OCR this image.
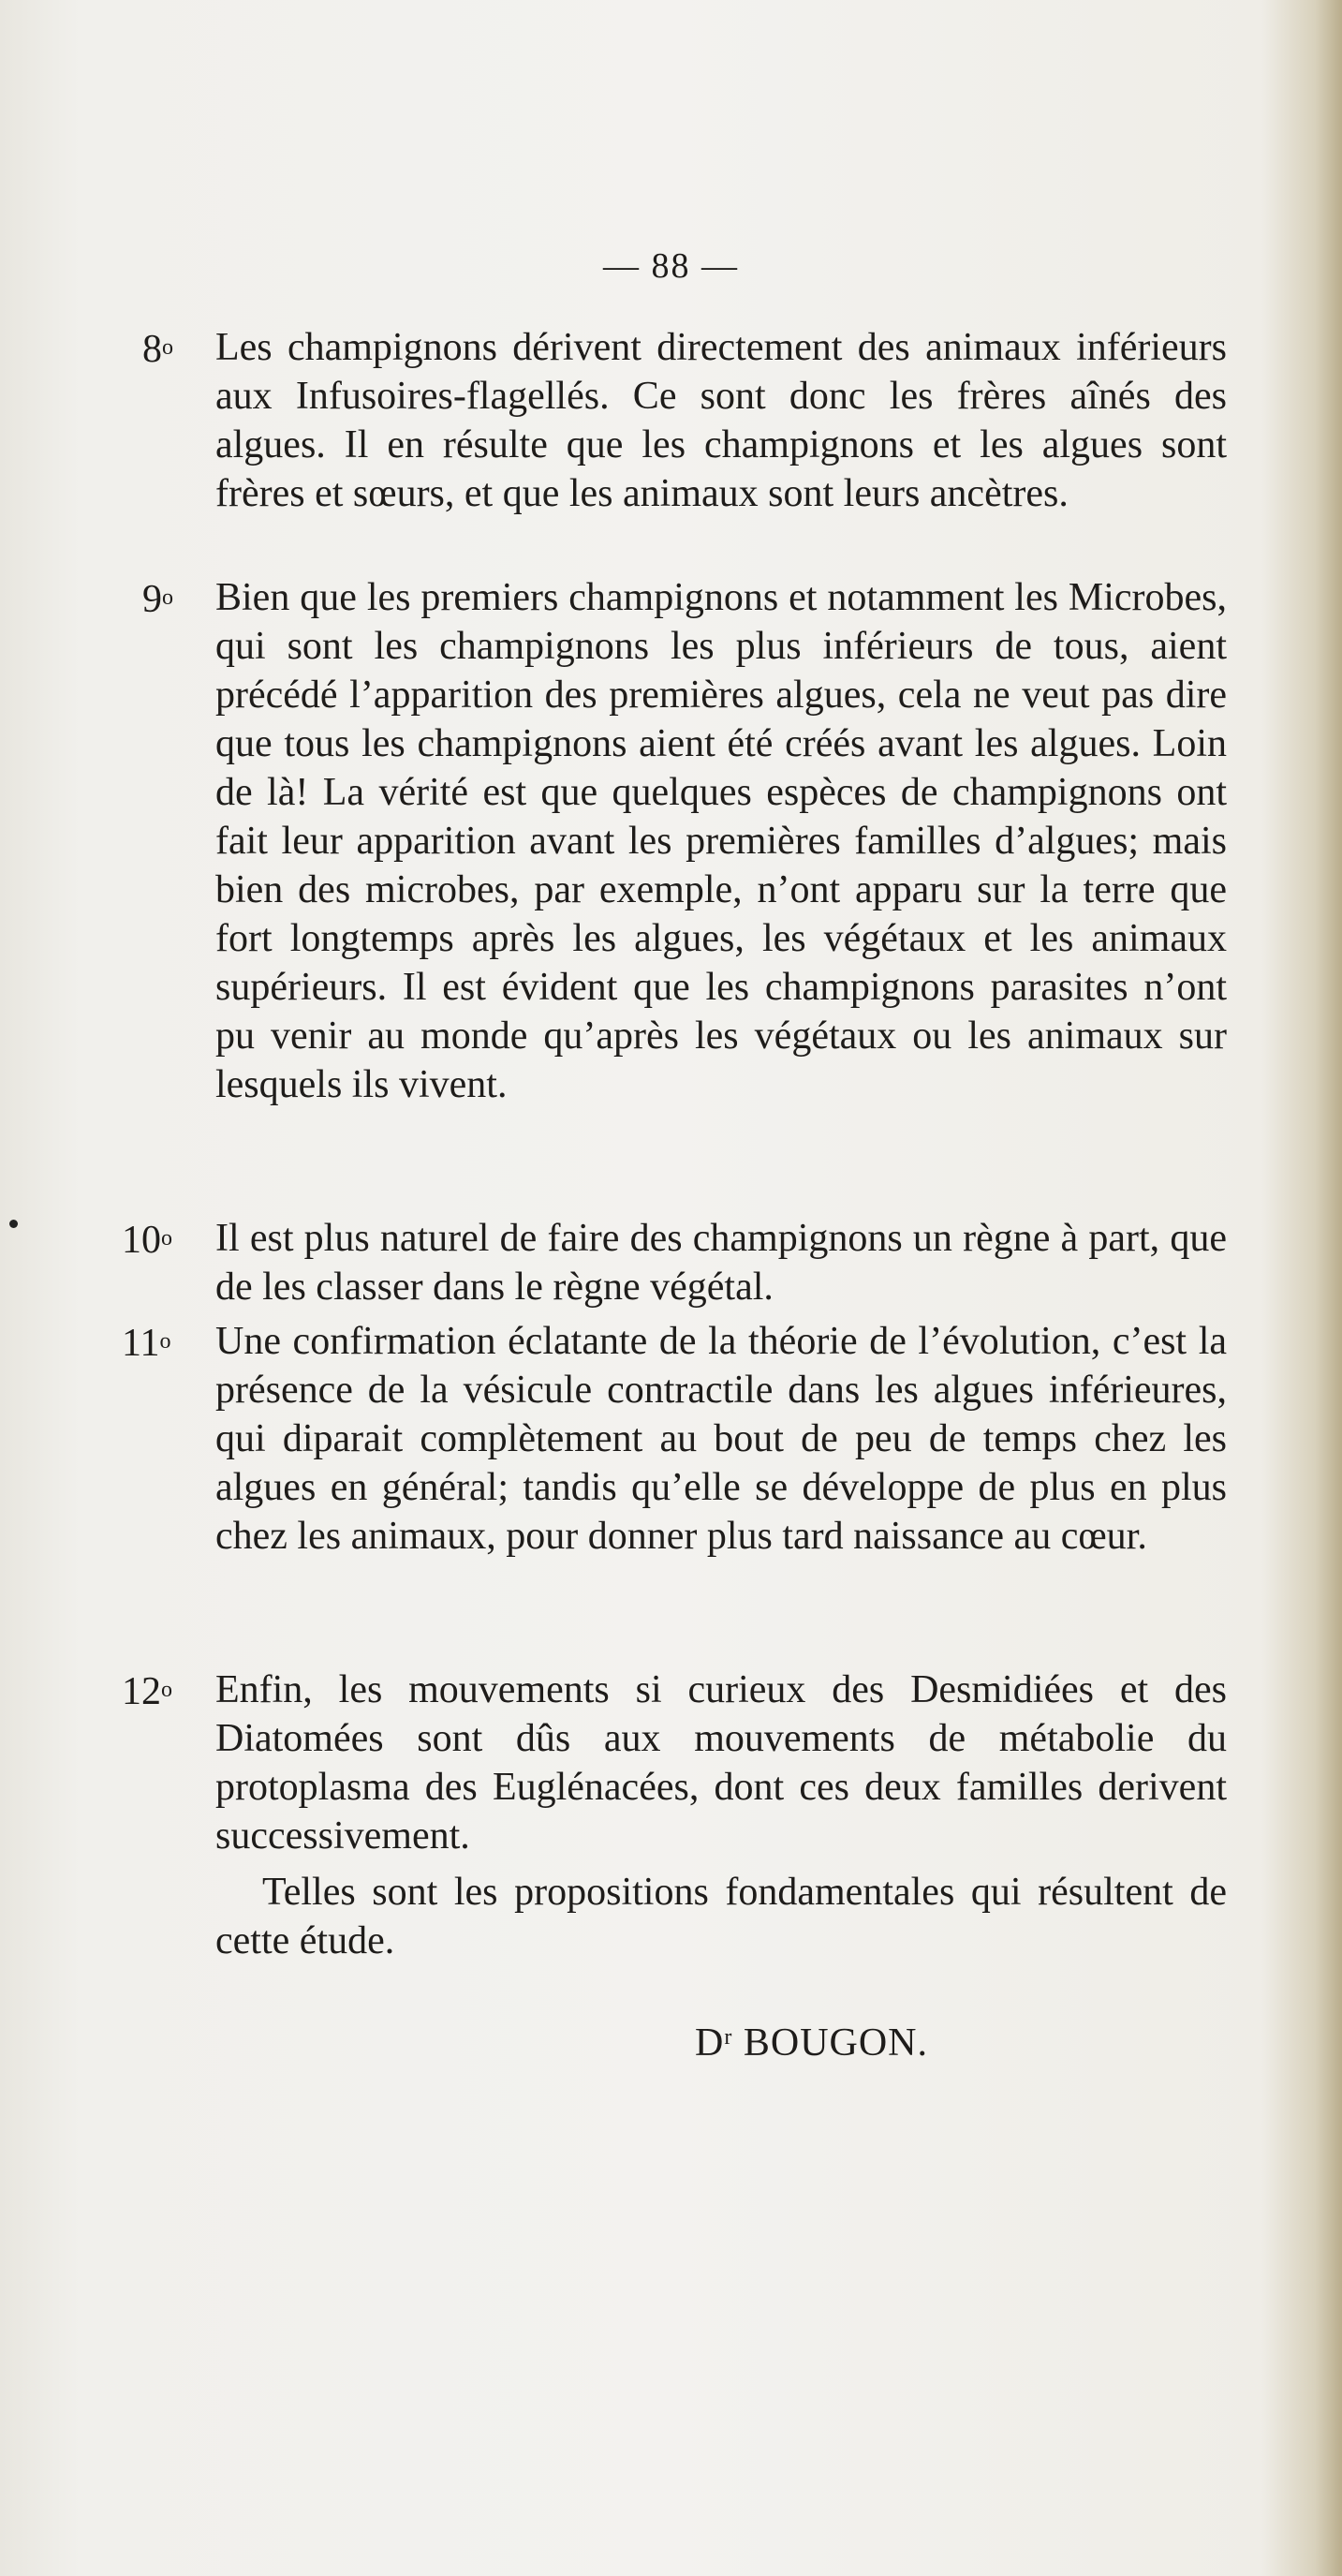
— 88 —
8$^o$ Les champignons dérivent directement des animaux inférieurs aux Infusoires-flagellés. Ce sont donc les frères aînés des algues. Il en résulte que les champignons et les algues sont frères et sœurs, et que les animaux sont leurs ancètres.
9$^o$ Bien que les premiers champignons et notamment les Microbes, qui sont les champignons les plus inférieurs de tous, aient précédé l’apparition des premières algues, cela ne veut pas dire que tous les champignons aient été créés avant les algues. Loin de là! La vérité est que quelques espèces de champignons ont fait leur apparition avant les premières familles d’algues; mais bien des microbes, par exemple, n’ont apparu sur la terre que fort longtemps après les algues, les végétaux et les animaux supérieurs. Il est évident que les champignons parasites n’ont pu venir au monde qu’après les végétaux ou les animaux sur lesquels ils vivent.
10$^o$ Il est plus naturel de faire des champignons un règne à part, que de les classer dans le règne végétal.
11$^o$ Une confirmation éclatante de la théorie de l’évolution, c’est la présence de la vésicule contractile dans les algues inférieures, qui diparait complètement au bout de peu de temps chez les algues en général; tandis qu’elle se développe de plus en plus chez les animaux, pour donner plus tard naissance au cœur.
12$^o$ Enfin, les mouvements si curieux des Desmidiées et des Diatomées sont dûs aux mouvements de métabolie du protoplasma des Euglénacées, dont ces deux familles derivent successivement.
Telles sont les propositions fondamentales qui résultent de cette étude.
$D^r$ BOUGON.
